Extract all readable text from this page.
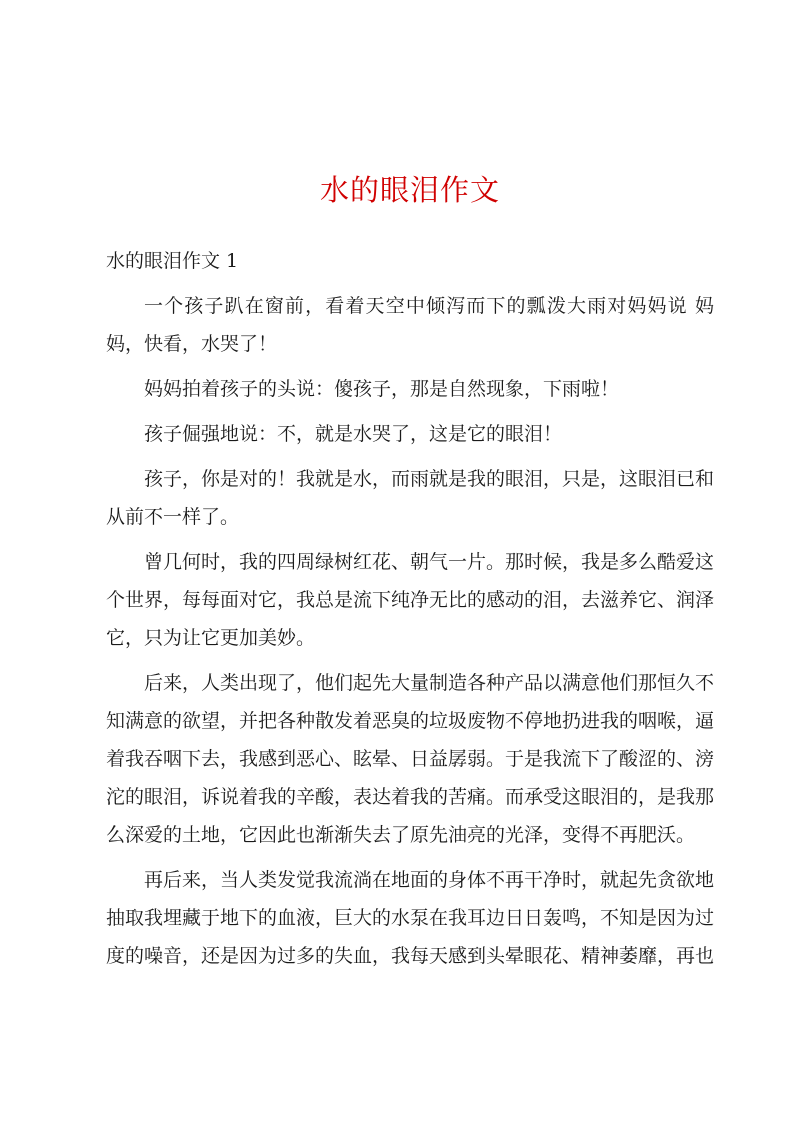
水的眼泪作文
水的眼泪作文 1

一个孩子趴在窗前，看着天空中倾泻而下的瓢泼大雨对妈妈说 妈妈，快看，水哭了！

妈妈拍着孩子的头说：傻孩子，那是自然现象，下雨啦！

孩子倔强地说：不，就是水哭了，这是它的眼泪！

孩子，你是对的！我就是水，而雨就是我的眼泪，只是，这眼泪已和从前不一样了。

曾几何时，我的四周绿树红花、朝气一片。那时候，我是多么酷爱这个世界，每每面对它，我总是流下纯净无比的感动的泪，去滋养它、润泽它，只为让它更加美妙。

后来，人类出现了，他们起先大量制造各种产品以满意他们那恒久不知满意的欲望，并把各种散发着恶臭的垃圾废物不停地扔进我的咽喉，逼着我吞咽下去，我感到恶心、眩晕、日益孱弱。于是我流下了酸涩的、滂沱的眼泪，诉说着我的辛酸，表达着我的苦痛。而承受这眼泪的，是我那么深爱的土地，它因此也渐渐失去了原先油亮的光泽，变得不再肥沃。

再后来，当人类发觉我流淌在地面的身体不再干净时，就起先贪欲地抽取我埋藏于地下的血液，巨大的水泵在我耳边日日轰鸣，不知是因为过度的噪音，还是因为过多的失血，我每天感到头晕眼花、精神萎靡，再也
